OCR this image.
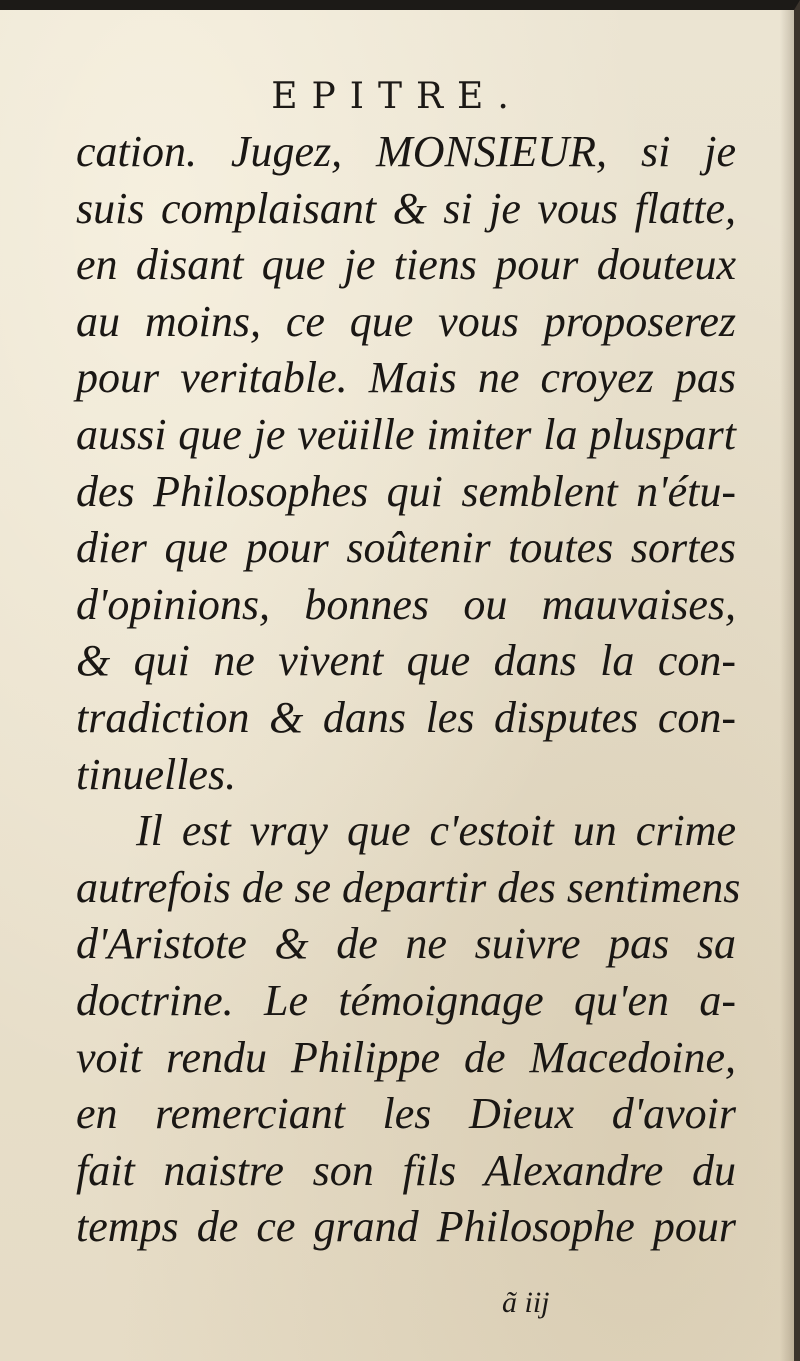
EPITRE.
cation. Jugez, MONSIEUR, si je
suis complaisant & si je vous flatte,
en disant que je tiens pour douteux
au moins, ce que vous proposerez
pour veritable. Mais ne croyez pas
aussi que je veüille imiter la pluspart
des Philosophes qui semblent n'étu-
dier que pour soûtenir toutes sortes
d'opinions, bonnes ou mauvaises,
& qui ne vivent que dans la con-
tradiction & dans les disputes con-
tinuelles.
Il est vray que c'estoit un crime
autrefois de se departir des sentimens
d'Aristote & de ne suivre pas sa
doctrine. Le témoignage qu'en a-
voit rendu Philippe de Macedoine,
en remerciant les Dieux d'avoir
fait naistre son fils Alexandre du
temps de ce grand Philosophe pour
ã iij
